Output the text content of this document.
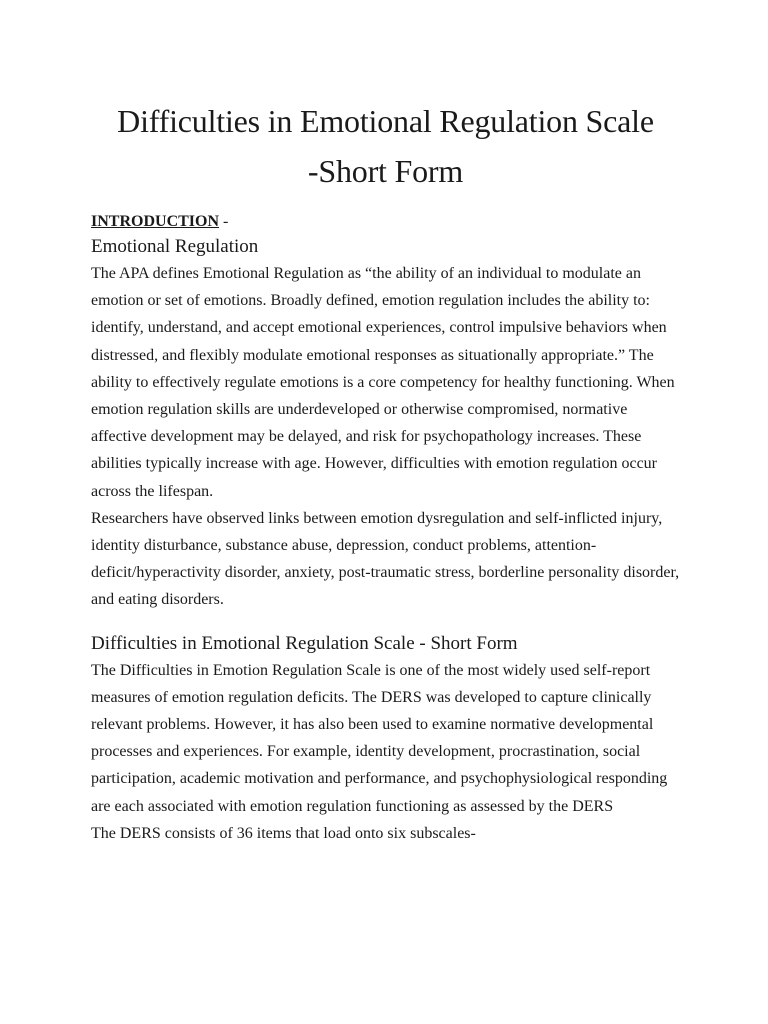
Difficulties in Emotional Regulation Scale
-Short Form
INTRODUCTION -
Emotional Regulation

The APA defines Emotional Regulation as “the ability of an individual to modulate an emotion or set of emotions. Broadly defined, emotion regulation includes the ability to: identify, understand, and accept emotional experiences, control impulsive behaviors when distressed, and flexibly modulate emotional responses as situationally appropriate.” The ability to effectively regulate emotions is a core competency for healthy functioning. When emotion regulation skills are underdeveloped or otherwise compromised, normative affective development may be delayed, and risk for psychopathology increases. These abilities typically increase with age. However, difficulties with emotion regulation occur across the lifespan.

Researchers have observed links between emotion dysregulation and self-inflicted injury, identity disturbance, substance abuse, depression, conduct problems, attention-deficit/hyperactivity disorder, anxiety, post-traumatic stress, borderline personality disorder, and eating disorders.

Difficulties in Emotional Regulation Scale - Short Form

The Difficulties in Emotion Regulation Scale is one of the most widely used self-report measures of emotion regulation deficits. The DERS was developed to capture clinically relevant problems. However, it has also been used to examine normative developmental processes and experiences. For example, identity development, procrastination, social participation, academic motivation and performance, and psychophysiological responding are each associated with emotion regulation functioning as assessed by the DERS

The DERS consists of 36 items that load onto six subscales-
